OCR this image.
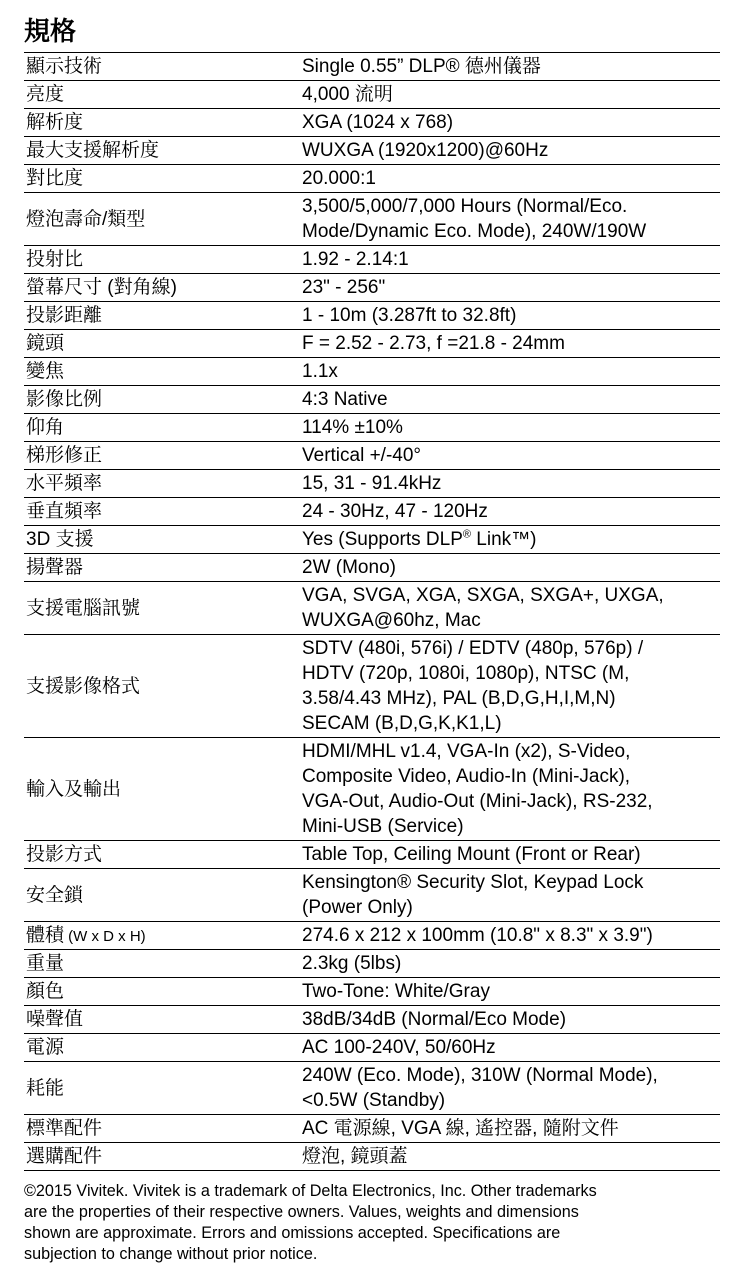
規格
顯示技術	Single 0.55” DLP® 德州儀器

亮度	4,000 流明

解析度	XGA (1024 x 768)

最大支援解析度	WUXGA (1920x1200)@60Hz

對比度	20.000:1

燈泡壽命/類型	3,500/5,000/7,000 Hours (Normal/Eco.
Mode/Dynamic Eco. Mode), 240W/190W

投射比	1.92 - 2.14:1

螢幕尺寸 (對角線)	23" - 256"

投影距離	1 - 10m (3.287ft to 32.8ft)

鏡頭	F = 2.52 - 2.73, f =21.8 - 24mm

變焦	1.1x

影像比例	4:3 Native

仰角	114% ±10%

梯形修正	Vertical +/-40°

水平頻率	15, 31 - 91.4kHz

垂直頻率	24 - 30Hz, 47 - 120Hz

3D 支援	Yes (Supports DLP® Link™)
揚聲器	2W (Mono)

支援電腦訊號	VGA, SVGA, XGA, SXGA, SXGA+, UXGA,
WUXGA@60hz, Mac

支援影像格式	SDTV (480i, 576i) / EDTV (480p, 576p) /
HDTV (720p, 1080i, 1080p), NTSC (M,
3.58/4.43 MHz), PAL (B,D,G,H,I,M,N)
SECAM (B,D,G,K,K1,L)

輸入及輸出	HDMI/MHL v1.4, VGA-In (x2), S-Video,
Composite Video, Audio-In (Mini-Jack),
VGA-Out, Audio-Out (Mini-Jack), RS-232,
Mini-USB (Service)

投影方式	Table Top, Ceiling Mount (Front or Rear)

安全鎖	Kensington® Security Slot, Keypad Lock
(Power Only)

體積 (W x D x H)	274.6 x 212 x 100mm (10.8" x 8.3" x 3.9")

重量	2.3kg (5lbs)

顏色	Two-Tone: White/Gray

噪聲值	38dB/34dB (Normal/Eco Mode)

電源	AC 100-240V, 50/60Hz

耗能	240W (Eco. Mode), 310W (Normal Mode),
<0.5W (Standby)

標準配件	AC 電源線, VGA 線, 遙控器, 隨附文件

選購配件	燈泡, 鏡頭蓋
©2015 Vivitek. Vivitek is a trademark of Delta Electronics, Inc. Other trademarks
are the properties of their respective owners. Values, weights and dimensions
shown are approximate. Errors and omissions accepted. Specifications are
subjection to change without prior notice.
